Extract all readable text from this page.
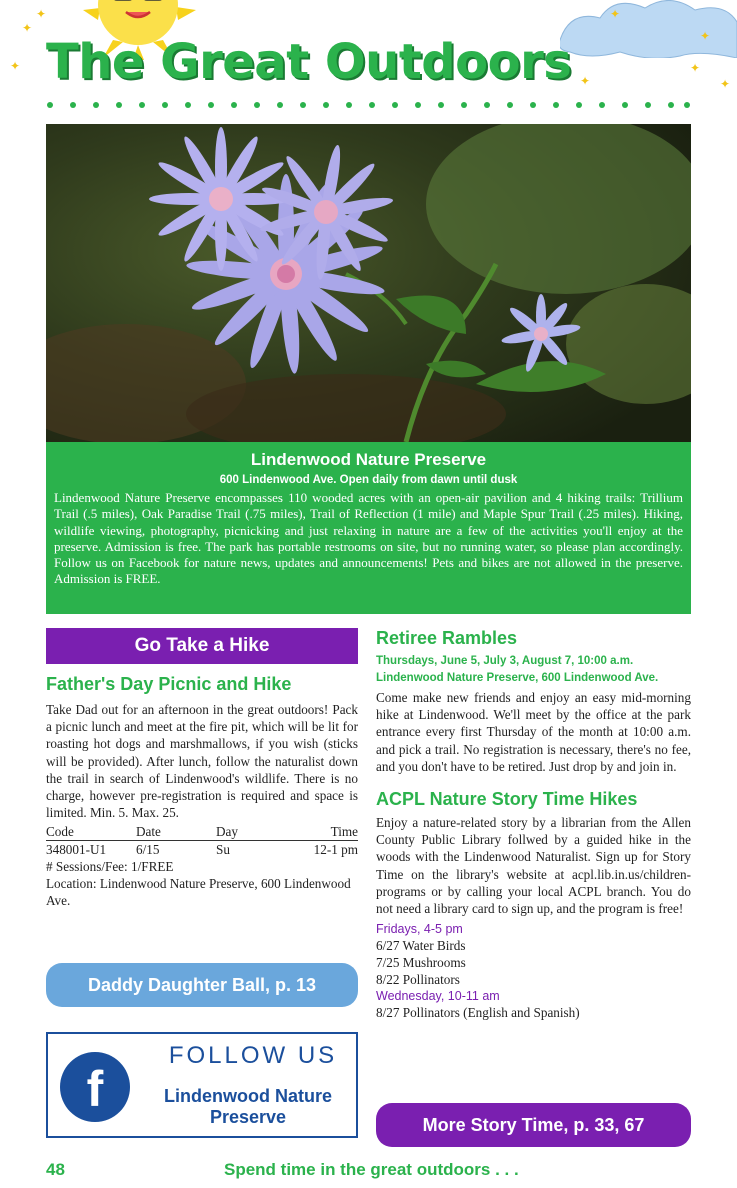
✦
✦
✦
✦
✦
✦
✦
✦
The Great Outdoors
Lindenwood Nature Preserve
600 Lindenwood Ave. Open daily from dawn until dusk

Lindenwood Nature Preserve encompasses 110 wooded acres with an open-air pavilion and 4 hiking trails: Trillium Trail (.5 miles), Oak Paradise Trail (.75 miles), Trail of Reflection (1 mile) and Maple Spur Trail (.25 miles). Hiking, wildlife viewing, photography, picnicking and just relaxing in nature are a few of the activities you'll enjoy at the preserve. Admission is free. The park has portable restrooms on site, but no running water, so please plan accordingly. Follow us on Facebook for nature news, updates and announcements! Pets and bikes are not allowed in the preserve. Admission is FREE.

Go Take a Hike
Father's Day Picnic and Hike
Take Dad out for an afternoon in the great outdoors! Pack a picnic lunch and meet at the fire pit, which will be lit for roasting hot dogs and marshmallows, if you wish (sticks will be provided). After lunch, follow the naturalist down the trail in search of Lindenwood's wildlife. There is no charge, however pre-registration is required and space is limited. Min. 5. Max. 25.
Code	Date	Day	Time
348001-U1	6/15	Su	12-1 pm
# Sessions/Fee: 1/FREE
Location: Lindenwood Nature Preserve, 600 Lindenwood Ave.
Daddy Daughter Ball, p. 13
f
FOLLOW US
Lindenwood Nature Preserve
Retiree Rambles
Thursdays, June 5, July 3, August 7, 10:00 a.m.
Lindenwood Nature Preserve, 600 Lindenwood Ave.
Come make new friends and enjoy an easy mid-morning hike at Lindenwood. We'll meet by the office at the park entrance every first Thursday of the month at 10:00 a.m. and pick a trail. No registration is necessary, there's no fee, and you don't have to be retired. Just drop by and join in.
ACPL Nature Story Time Hikes
Enjoy a nature-related story by a librarian from the Allen County Public Library follwed by a guided hike in the woods with the Lindenwood Naturalist. Sign up for Story Time on the library's website at acpl.lib.in.us/children-programs or by calling your local ACPL branch. You do not need a library card to sign up, and the program is free!
Fridays, 4-5 pm
6/27 Water Birds
7/25 Mushrooms
8/22 Pollinators
Wednesday, 10-11 am
8/27 Pollinators (English and Spanish)
More Story Time, p. 33, 67
48	Spend time in the great outdoors . . .
